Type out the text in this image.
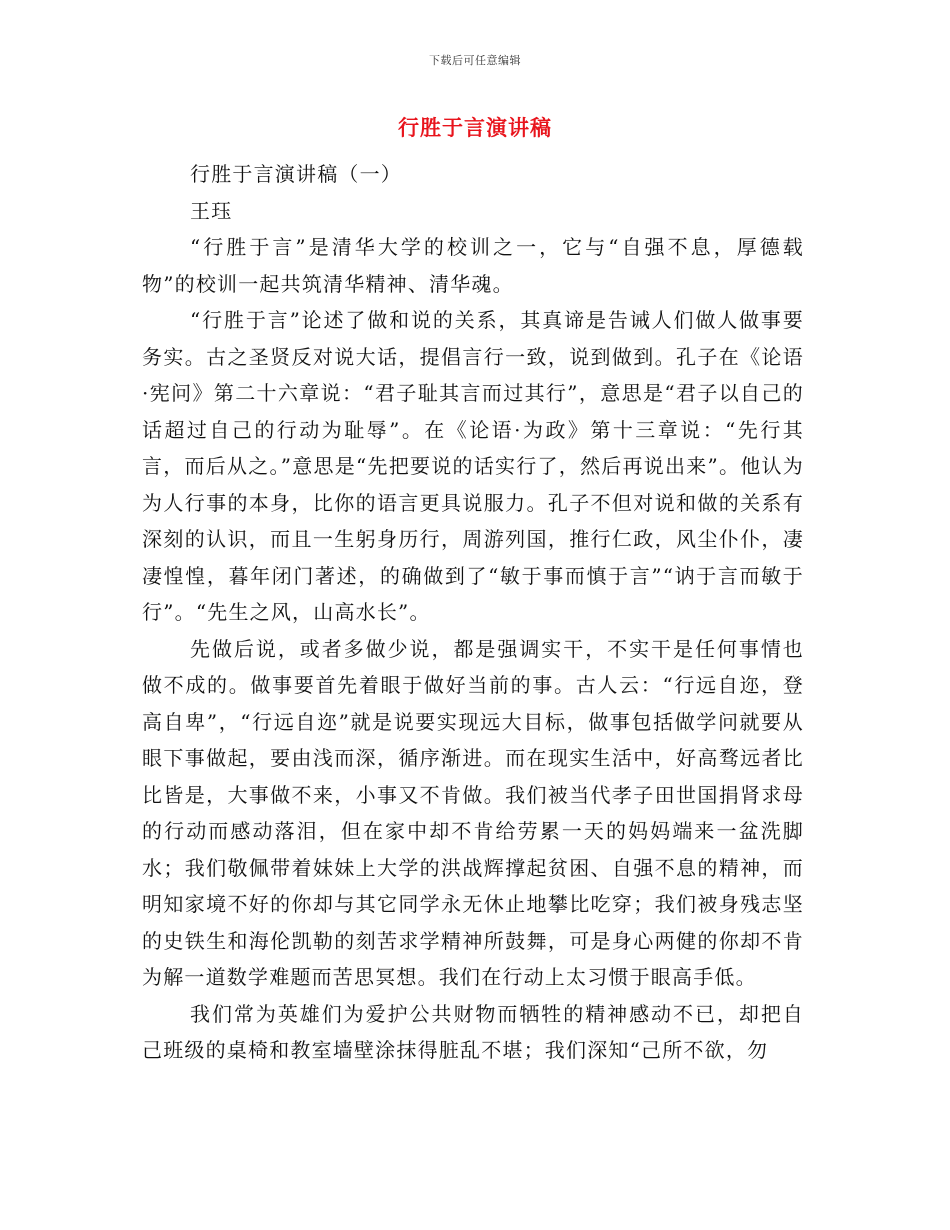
下载后可任意编辑
行胜于言演讲稿

行胜于言演讲稿（一）

王珏

“行胜于言”是清华大学的校训之一，它与“自强不息，厚德载物”的校训一起共筑清华精神、清华魂。

“行胜于言”论述了做和说的关系，其真谛是告诫人们做人做事要务实。古之圣贤反对说大话，提倡言行一致，说到做到。孔子在《论语·宪问》第二十六章说：“君子耻其言而过其行”，意思是“君子以自己的话超过自己的行动为耻辱”。在《论语·为政》第十三章说：“先行其言，而后从之。”意思是“先把要说的话实行了，然后再说出来”。他认为为人行事的本身，比你的语言更具说服力。孔子不但对说和做的关系有深刻的认识，而且一生躬身历行，周游列国，推行仁政，风尘仆仆，凄凄惶惶，暮年闭门著述，的确做到了“敏于事而慎于言”“讷于言而敏于行”。“先生之风，山高水长”。

先做后说，或者多做少说，都是强调实干，不实干是任何事情也做不成的。做事要首先着眼于做好当前的事。古人云：“行远自迩，登高自卑”，“行远自迩”就是说要实现远大目标，做事包括做学问就要从眼下事做起，要由浅而深，循序渐进。而在现实生活中，好高骛远者比比皆是，大事做不来，小事又不肯做。我们被当代孝子田世国捐肾求母的行动而感动落泪，但在家中却不肯给劳累一天的妈妈端来一盆洗脚水；我们敬佩带着妹妹上大学的洪战辉撑起贫困、自强不息的精神，而明知家境不好的你却与其它同学永无休止地攀比吃穿；我们被身残志坚的史铁生和海伦凯勒的刻苦求学精神所鼓舞，可是身心两健的你却不肯为解一道数学难题而苦思冥想。我们在行动上太习惯于眼高手低。

我们常为英雄们为爱护公共财物而牺牲的精神感动不已，却把自己班级的桌椅和教室墙壁涂抹得脏乱不堪；我们深知“己所不欲，勿
